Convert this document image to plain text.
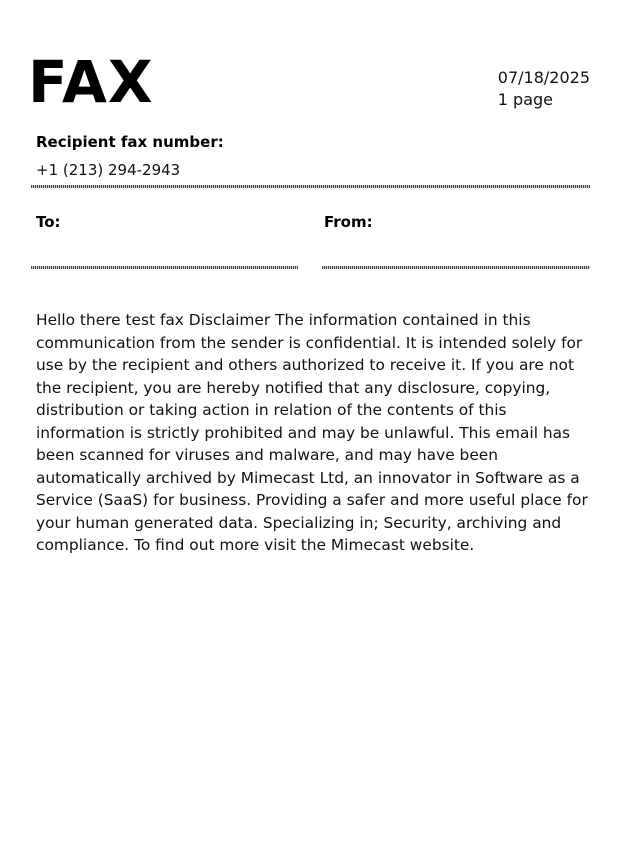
FAX	07/18/2025
1 page
Recipient fax number:
+1 (213) 294-2943
To:	From:
Hello there test fax Disclaimer The information contained in this communication from the sender is confidential. It is intended solely for use by the recipient and others authorized to receive it. If you are not the recipient, you are hereby notified that any disclosure, copying, distribution or taking action in relation of the contents of this information is strictly prohibited and may be unlawful. This email has been scanned for viruses and malware, and may have been automatically archived by Mimecast Ltd, an innovator in Software as a Service (SaaS) for business. Providing a safer and more useful place for your human generated data. Specializing in; Security, archiving and compliance. To find out more visit the Mimecast website.
